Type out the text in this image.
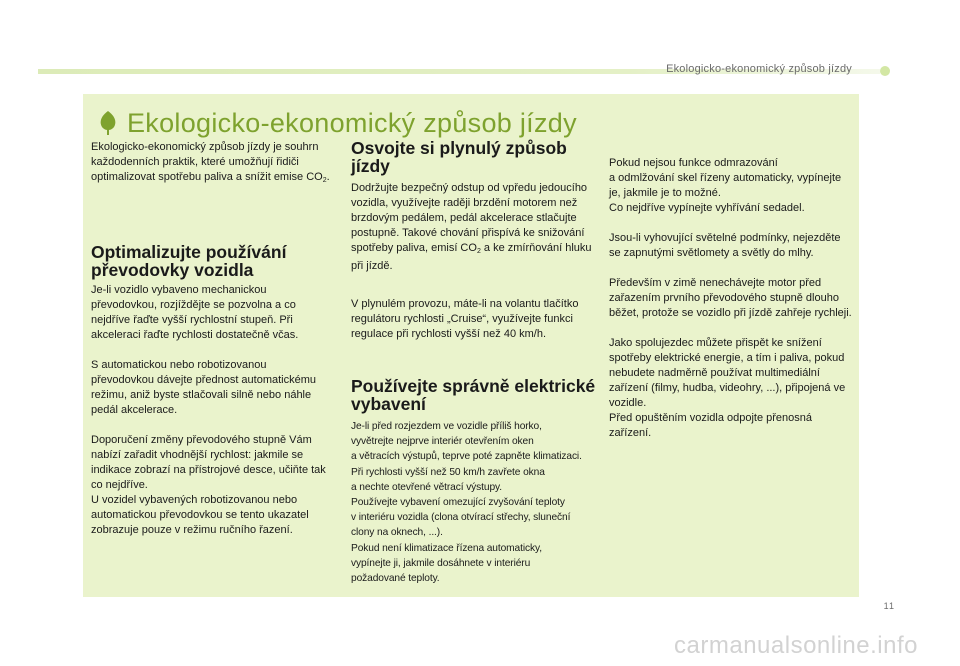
Ekologicko-ekonomický způsob jízdy
Ekologicko-ekonomický způsob jízdy

Ekologicko-ekonomický způsob jízdy je souhrn každodenních praktik, které umožňují řidiči optimalizovat spotřebu paliva a snížit emise $CO_2$.

Optimalizujte používání převodovky vozidla

Je-li vozidlo vybaveno mechanickou převodovkou, rozjíždějte se pozvolna a co nejdříve řaďte vyšší rychlostní stupeň. Při akceleraci řaďte rychlosti dostatečně včas.

S automatickou nebo robotizovanou převodovkou dávejte přednost automatickému režimu, aniž byste stlačovali silně nebo náhle pedál akcelerace.

Doporučení změny převodového stupně Vám nabízí zařadit vhodnější rychlost: jakmile se indikace zobrazí na přístrojové desce, učiňte tak co nejdříve.

U vozidel vybavených robotizovanou nebo automatickou převodovkou se tento ukazatel zobrazuje pouze v režimu ručního řazení.

Osvojte si plynulý způsob jízdy

Dodržujte bezpečný odstup od vpředu jedoucího vozidla, využívejte raději brzdění motorem než brzdovým pedálem, pedál akcelerace stlačujte postupně. Takové chování přispívá ke snižování spotřeby paliva, emisí $CO_2$ a ke zmírňování hluku při jízdě.

V plynulém provozu, máte-li na volantu tlačítko regulátoru rychlosti „Cruise“, využívejte funkci regulace při rychlosti vyšší než 40 km/h.

Používejte správně elektrické vybavení

Je-li před rozjezdem ve vozidle příliš horko,
vyvětrejte nejprve interiér otevřením oken
a větracích výstupů, teprve poté zapněte klimatizaci.
Při rychlosti vyšší než 50 km/h zavřete okna
a nechte otevřené větrací výstupy.
Používejte vybavení omezující zvyšování teploty
v interiéru vozidla (clona otvírací střechy, sluneční
clony na oknech, ...).
Pokud není klimatizace řízena automaticky,
vypínejte ji, jakmile dosáhnete v interiéru
požadované teploty.

Pokud nejsou funkce odmrazování

a odmlžování skel řízeny automaticky, vypínejte je, jakmile je to možné.

Co nejdříve vypínejte vyhřívání sedadel.

Jsou-li vyhovující světelné podmínky, nejezděte se zapnutými světlomety a světly do mlhy.

Především v zimě nenechávejte motor před zařazením prvního převodového stupně dlouho běžet, protože se vozidlo při jízdě zahřeje rychleji.

Jako spolujezdec můžete přispět ke snížení spotřeby elektrické energie, a tím i paliva, pokud nebudete nadměrně používat multimediální zařízení (filmy, hudba, videohry, ...), připojená ve vozidle.

Před opuštěním vozidla odpojte přenosná zařízení.

11
carmanualsonline.info
